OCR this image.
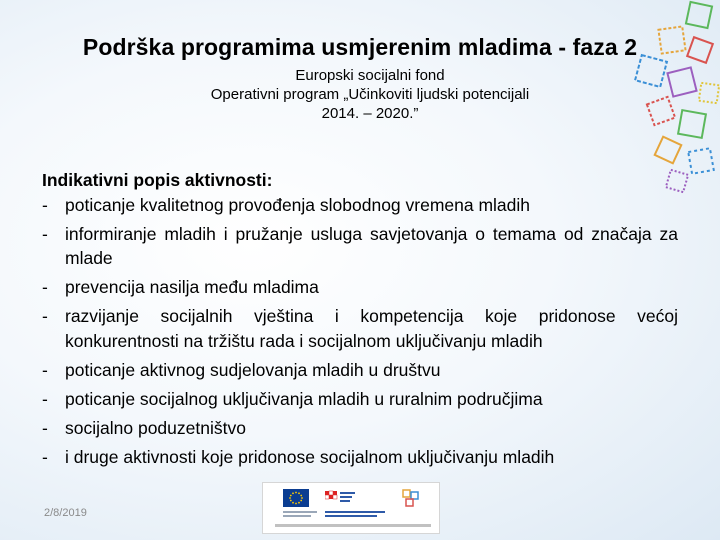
Podrška programima usmjerenim mladima - faza 2
Europski socijalni fond
Operativni program „Učinkoviti ljudski potencijali
2014. – 2020.”

Indikativni popis aktivnosti:

- poticanje kvalitetnog provođenja slobodnog vremena mladih
- informiranje mladih i pružanje usluga savjetovanja o temama od značaja za mlade
- prevencija nasilja među mladima
- razvijanje socijalnih vještina i kompetencija koje pridonose većoj konkurentnosti na tržištu rada i socijalnom uključivanju mladih
- poticanje aktivnog sudjelovanja mladih u društvu
- poticanje socijalnog uključivanja mladih u ruralnim područjima
- socijalno poduzetništvo
- i druge aktivnosti koje pridonose socijalnom uključivanju mladih
2/8/2019
